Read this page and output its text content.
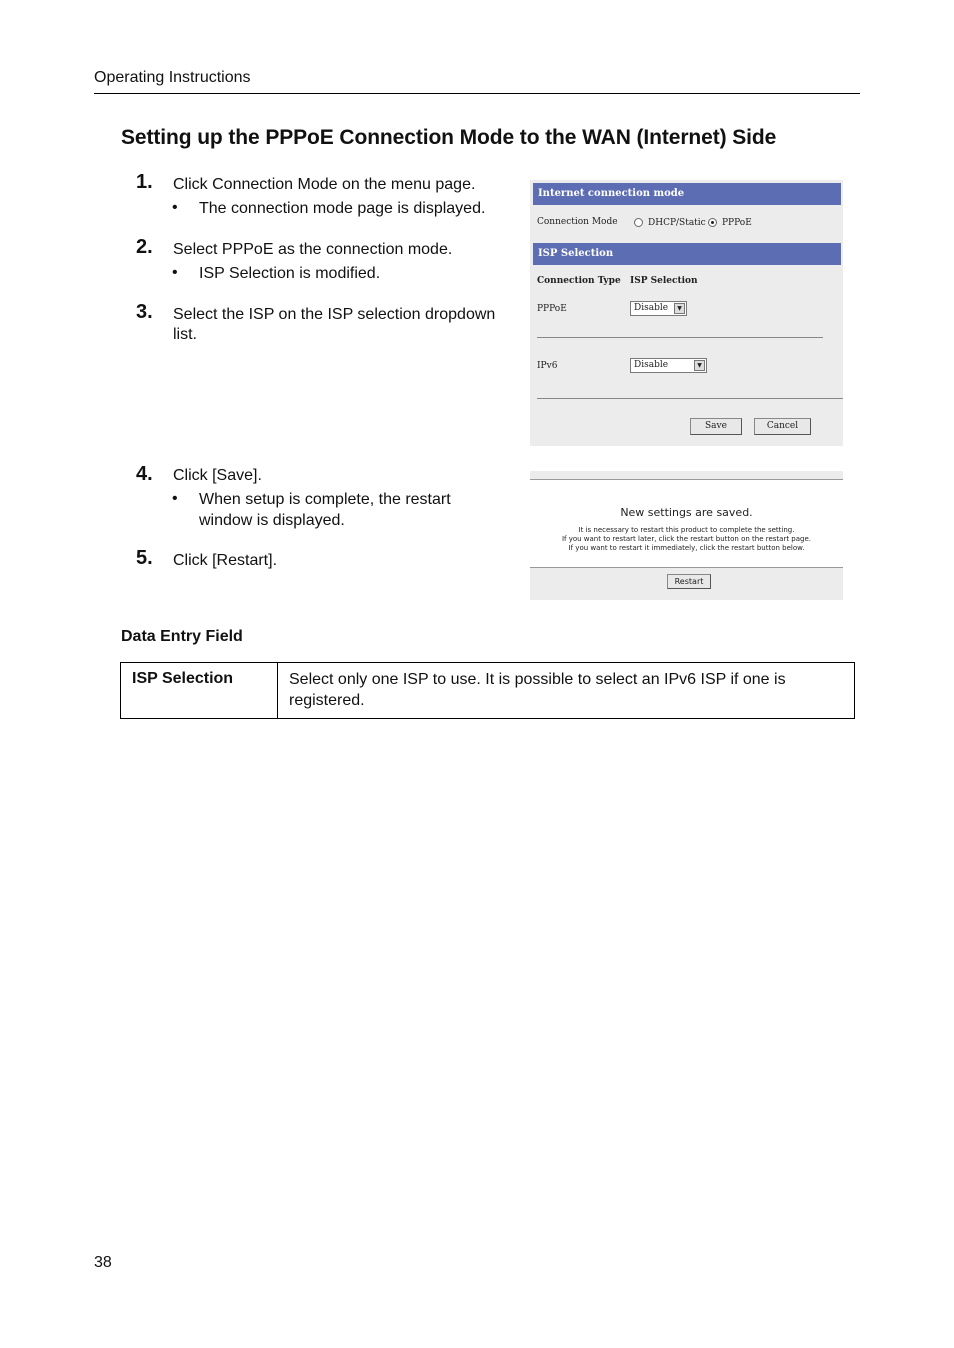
Operating Instructions
Setting up the PPPoE Connection Mode to the WAN (Internet) Side
1. Click Connection Mode on the menu page.
• The connection mode page is displayed.
2. Select PPPoE as the connection mode.
• ISP Selection is modified.
3. Select the ISP on the ISP selection dropdown
list.
Internet connection mode
Connection Mode	DHCP/Static PPPoE
ISP Selection
Connection Type ISP Selection
PPPoE	Disable	▼
IPv6	Disable	▼
Save	Cancel
4. Click [Save].
• When setup is complete, the restart
window is displayed.
5. Click [Restart].
New settings are saved.
It is necessary to restart this product to complete the setting.
If you want to restart later, click the restart button on the restart page.
If you want to restart it immediately, click the restart button below.
Restart
Data Entry Field
ISP Selection	Select only one ISP to use. It is possible to select an IPv6 ISP if one is registered.
38
